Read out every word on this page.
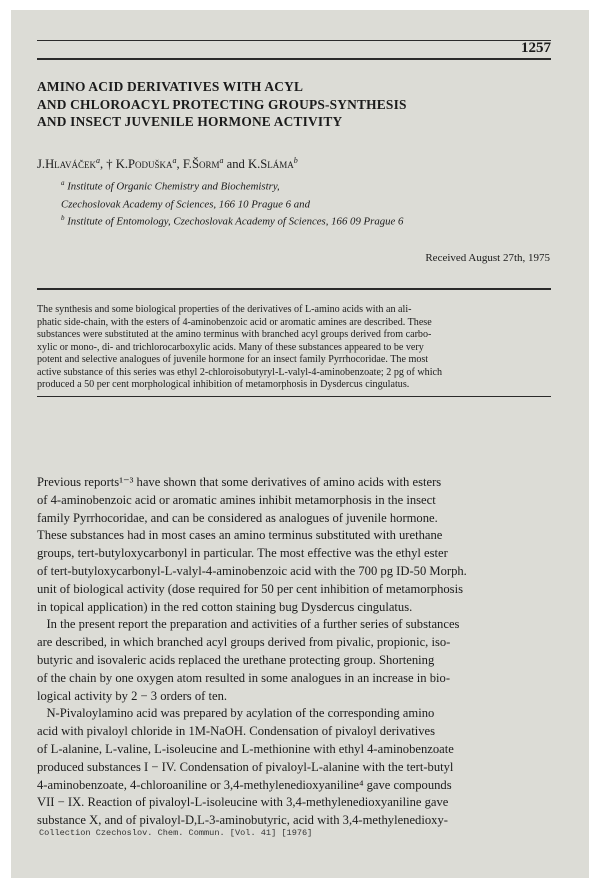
1257
AMINO ACID DERIVATIVES WITH ACYL
AND CHLOROACYL PROTECTING GROUPS-SYNTHESIS
AND INSECT JUVENILE HORMONE ACTIVITY
J.Hlaváček$^a$, † K.Poduška$^a$, F.Šorm$^a$ and K.Sláma$^b$
$^a$ Institute of Organic Chemistry and Biochemistry,
Czechoslovak Academy of Sciences, 166 10 Prague 6 and
$^b$ Institute of Entomology, Czechoslovak Academy of Sciences, 166 09 Prague 6
Received August 27th, 1975
The synthesis and some biological properties of the derivatives of L-amino acids with an ali-
phatic side-chain, with the esters of 4-aminobenzoic acid or aromatic amines are described. These
substances were substituted at the amino terminus with branched acyl groups derived from carbo-
xylic or mono-, di- and trichlorocarboxylic acids. Many of these substances appeared to be very
potent and selective analogues of juvenile hormone for an insect family Pyrrhocoridae. The most
active substance of this series was ethyl 2-chloroisobutyryl-L-valyl-4-aminobenzoate; 2 pg of which
produced a 50 per cent morphological inhibition of metamorphosis in Dysdercus cingulatus.
Previous reports¹⁻³ have shown that some derivatives of amino acids with esters
of 4-aminobenzoic acid or aromatic amines inhibit metamorphosis in the insect
family Pyrrhocoridae, and can be considered as analogues of juvenile hormone.
These substances had in most cases an amino terminus substituted with urethane
groups, tert-butyloxycarbonyl in particular. The most effective was the ethyl ester
of tert-butyloxycarbonyl-L-valyl-4-aminobenzoic acid with the 700 pg ID-50 Morph.
unit of biological activity (dose required for 50 per cent inhibition of metamorphosis
in topical application) in the red cotton staining bug Dysdercus cingulatus.
In the present report the preparation and activities of a further series of substances
are described, in which branched acyl groups derived from pivalic, propionic, iso-
butyric and isovaleric acids replaced the urethane protecting group. Shortening
of the chain by one oxygen atom resulted in some analogues in an increase in bio-
logical activity by 2 − 3 orders of ten.
N-Pivaloylamino acid was prepared by acylation of the corresponding amino
acid with pivaloyl chloride in 1M-NaOH. Condensation of pivaloyl derivatives
of L-alanine, L-valine, L-isoleucine and L-methionine with ethyl 4-aminobenzoate
produced substances I − IV. Condensation of pivaloyl-L-alanine with the tert-butyl
4-aminobenzoate, 4-chloroaniline or 3,4-methylenedioxyaniline⁴ gave compounds
VII − IX. Reaction of pivaloyl-L-isoleucine with 3,4-methylenedioxyaniline gave
substance X, and of pivaloyl-D,L-3-aminobutyric, acid with 3,4-methylenedioxy-
Collection Czechoslov. Chem. Commun. [Vol. 41] [1976]
